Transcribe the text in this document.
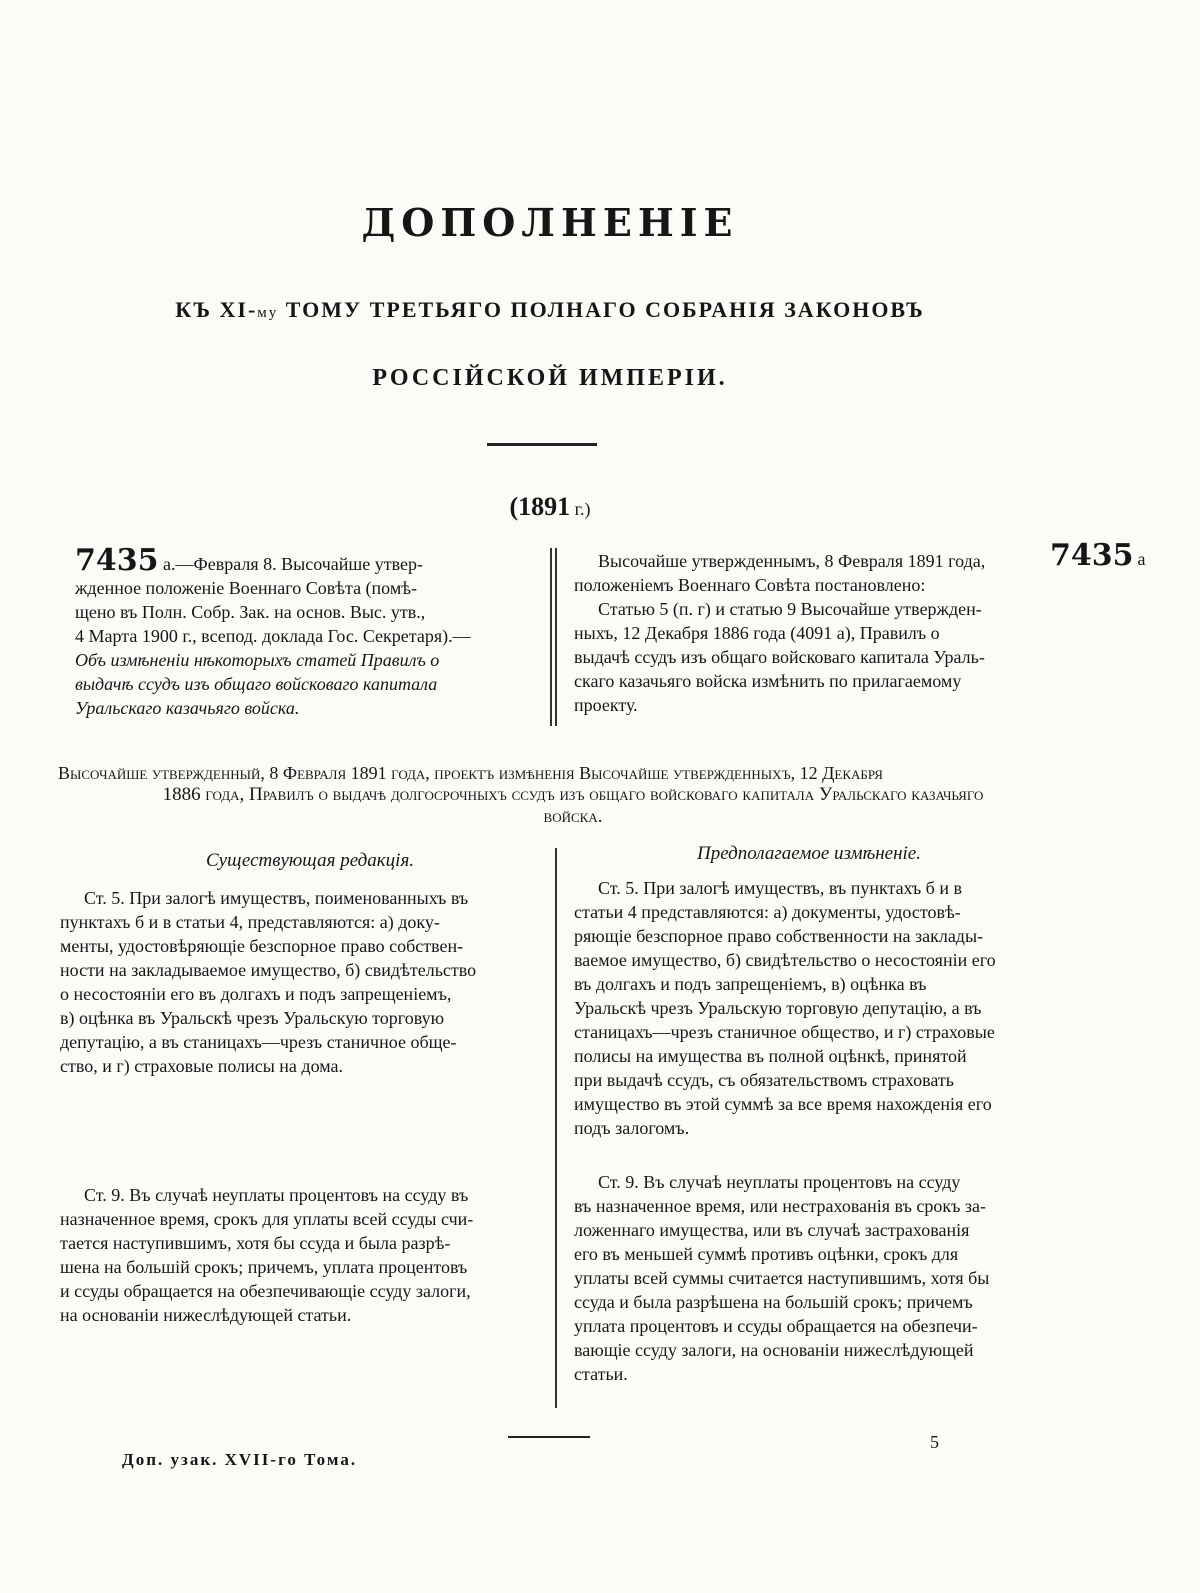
ДОПОЛНЕНІЕ
КЪ XI-му ТОМУ ТРЕТЬЯГО ПОЛНАГО СОБРАНІЯ ЗАКОНОВЪ
РОССІЙСКОЙ ИМПЕРІИ.
(1891 г.)
7435 а.—Февраля 8. Высочайше утвер-
жденное положеніе Военнаго Совѣта (помѣ-
щено въ Полн. Собр. Зак. на основ. Выс. утв.,
4 Марта 1900 г., всепод. доклада Гос. Секретаря).—
Объ измѣненіи нѣкоторыхъ статей Правилъ о
выдачѣ ссудъ изъ общаго войсковаго капитала
Уральскаго казачьяго войска.
Высочайше утвержденнымъ, 8 Февраля 1891 года,
положеніемъ Военнаго Совѣта постановлено:
Статью 5 (п. г) и статью 9 Высочайше утвержден-
ныхъ, 12 Декабря 1886 года (4091 а), Правилъ о
выдачѣ ссудъ изъ общаго войсковаго капитала Ураль-
скаго казачьяго войска измѣнить по прилагаемому
проекту.
7435 а
Высочайше утвержденный, 8 Февраля 1891 года, проектъ измѣненія Высочайше утвержденныхъ, 12 Декабря
1886 года, Правилъ о выдачѣ долгосрочныхъ ссудъ изъ общаго войсковаго капитала Уральскаго казачьяго
войска.
Существующая редакція.	Предполагаемое измѣненіе.
Ст. 5. При залогѣ имуществъ, поименованныхъ въ
пунктахъ б и в статьи 4, представляются: а) доку-
менты, удостовѣряющіе безспорное право собствен-
ности на закладываемое имущество, б) свидѣтельство
о несостояніи его въ долгахъ и подъ запрещеніемъ,
в) оцѣнка въ Уральскѣ чрезъ Уральскую торговую
депутацію, а въ станицахъ—чрезъ станичное обще-
ство, и г) страховые полисы на дома.
Ст. 5. При залогѣ имуществъ, въ пунктахъ б и в
статьи 4 представляются: а) документы, удостовѣ-
ряющіе безспорное право собственности на заклады-
ваемое имущество, б) свидѣтельство о несостояніи его
въ долгахъ и подъ запрещеніемъ, в) оцѣнка въ
Уральскѣ чрезъ Уральскую торговую депутацію, а въ
станицахъ—чрезъ станичное общество, и г) страховые
полисы на имущества въ полной оцѣнкѣ, принятой
при выдачѣ ссудъ, съ обязательствомъ страховать
имущество въ этой суммѣ за все время нахожденія его
подъ залогомъ.
Ст. 9. Въ случаѣ неуплаты процентовъ на ссуду въ
назначенное время, срокъ для уплаты всей ссуды счи-
тается наступившимъ, хотя бы ссуда и была разрѣ-
шена на большій срокъ; причемъ, уплата процентовъ
и ссуды обращается на обезпечивающіе ссуду залоги,
на основаніи нижеслѣдующей статьи.
Ст. 9. Въ случаѣ неуплаты процентовъ на ссуду
въ назначенное время, или нестрахованія въ срокъ за-
ложеннаго имущества, или въ случаѣ застрахованія
его въ меньшей суммѣ противъ оцѣнки, срокъ для
уплаты всей суммы считается наступившимъ, хотя бы
ссуда и была разрѣшена на большій срокъ; причемъ
уплата процентовъ и ссуды обращается на обезпечи-
вающіе ссуду залоги, на основаніи нижеслѣдующей
статьи.
Доп. узак. XVII-го Тома.
5
